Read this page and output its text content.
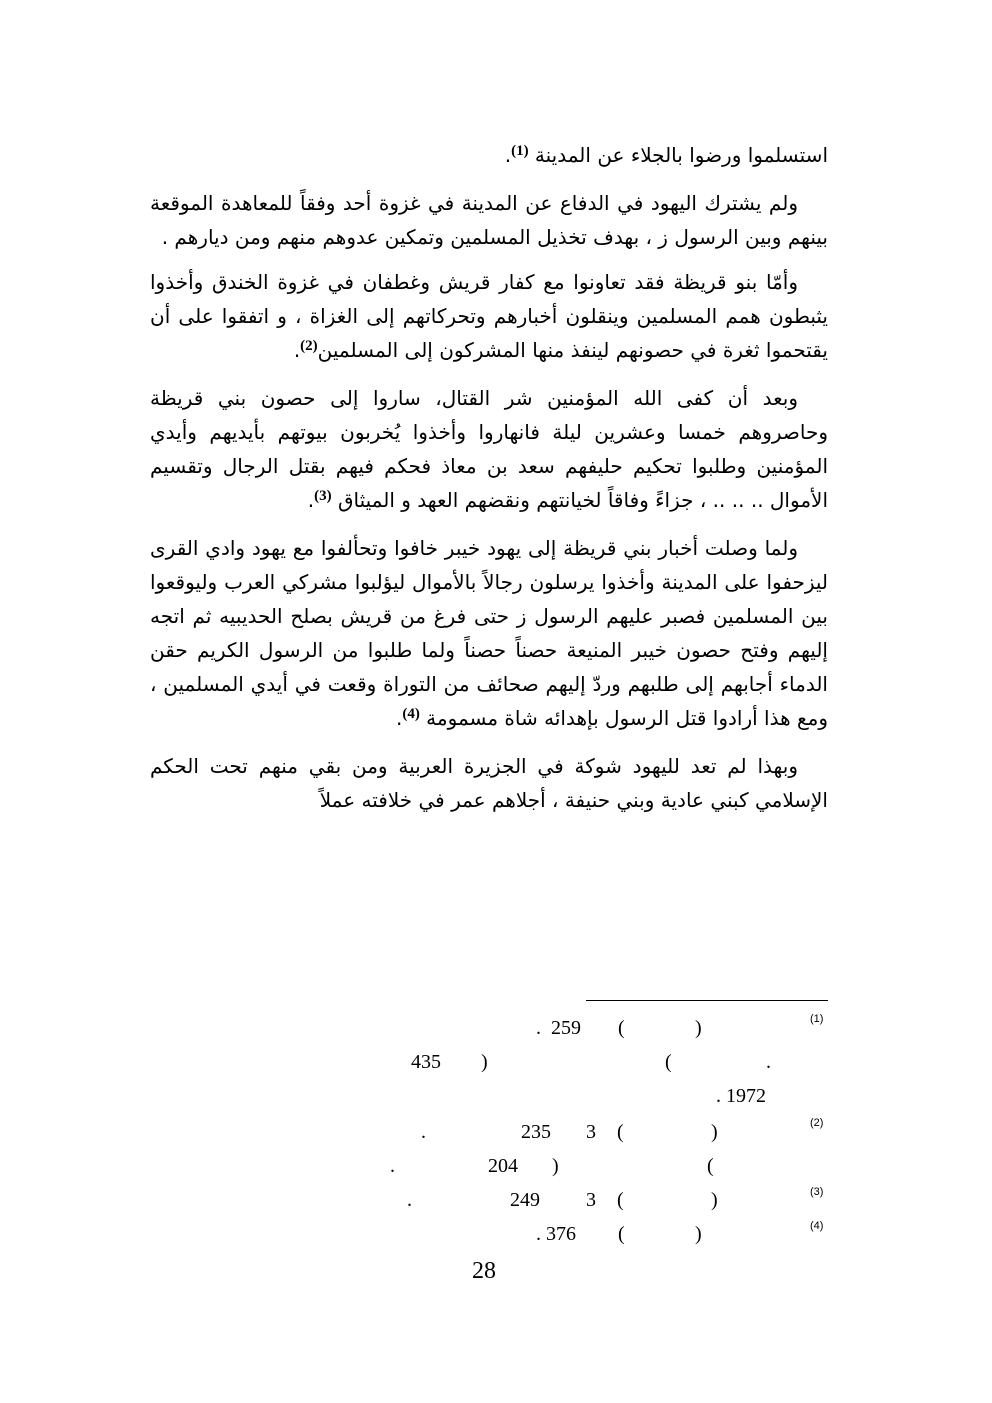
استسلموا ورضوا بالجلاء عن المدينة $^{(1)}$.

ولم يشترك اليهود في الدفاع عن المدينة في غزوة أحد وفقاً للمعاهدة الموقعة بينهم وبين الرسول ز ، بهدف تخذيل المسلمين وتمكين عدوهم منهم ومن ديارهم .

وأمّا بنو قريظة فقد تعاونوا مع كفار قريش وغطفان في غزوة الخندق وأخذوا يثبطون همم المسلمين وينقلون أخبارهم وتحركاتهم إلى الغزاة ، و اتفقوا على أن يقتحموا ثغرة في حصونهم لينفذ منها المشركون إلى المسلمين$^{(2)}$.

وبعد أن كفى الله المؤمنين شر القتال، ساروا إلى حصون بني قريظة وحاصروهم خمسا وعشرين ليلة فانهاروا وأخذوا يُخربون بيوتهم بأيديهم وأيدي المؤمنين وطلبوا تحكيم حليفهم سعد بن معاذ فحكم فيهم بقتل الرجال وتقسيم الأموال .. .. .. ، جزاءً وفاقاً لخيانتهم ونقضهم العهد و الميثاق $^{(3)}$.

ولما وصلت أخبار بني قريظة إلى يهود خيبر خافوا وتحألفوا مع يهود وادي القرى ليزحفوا على المدينة وأخذوا يرسلون رجالاً بالأموال ليؤلبوا مشركي العرب وليوقعوا بين المسلمين فصبر عليهم الرسول ز حتى فرغ من قريش بصلح الحديبيه ثم اتجه إليهم وفتح حصون خيبر المنيعة حصناً حصناً ولما طلبوا من الرسول الكريم حقن الدماء أجابهم إلى طلبهم وردّ إليهم صحائف من التوراة وقعت في أيدي المسلمين ، ومع هذا أرادوا قتل الرسول بإهدائه شاة مسمومة $^{(4)}$.

وبهذا لم تعد لليهود شوكة في الجزيرة العربية ومن بقي منهم تحت الحكم الإسلامي كبني عادية وبني حنيفة ، أجلاهم عمر في خلافته عملاً

(1)
. 259 (	)
435 )	(	.
. 1972
(2)
.	235 3 (	)
.	204 )	(
(3)
.	249 3 (	)
(4)
. 376 (	)
28
